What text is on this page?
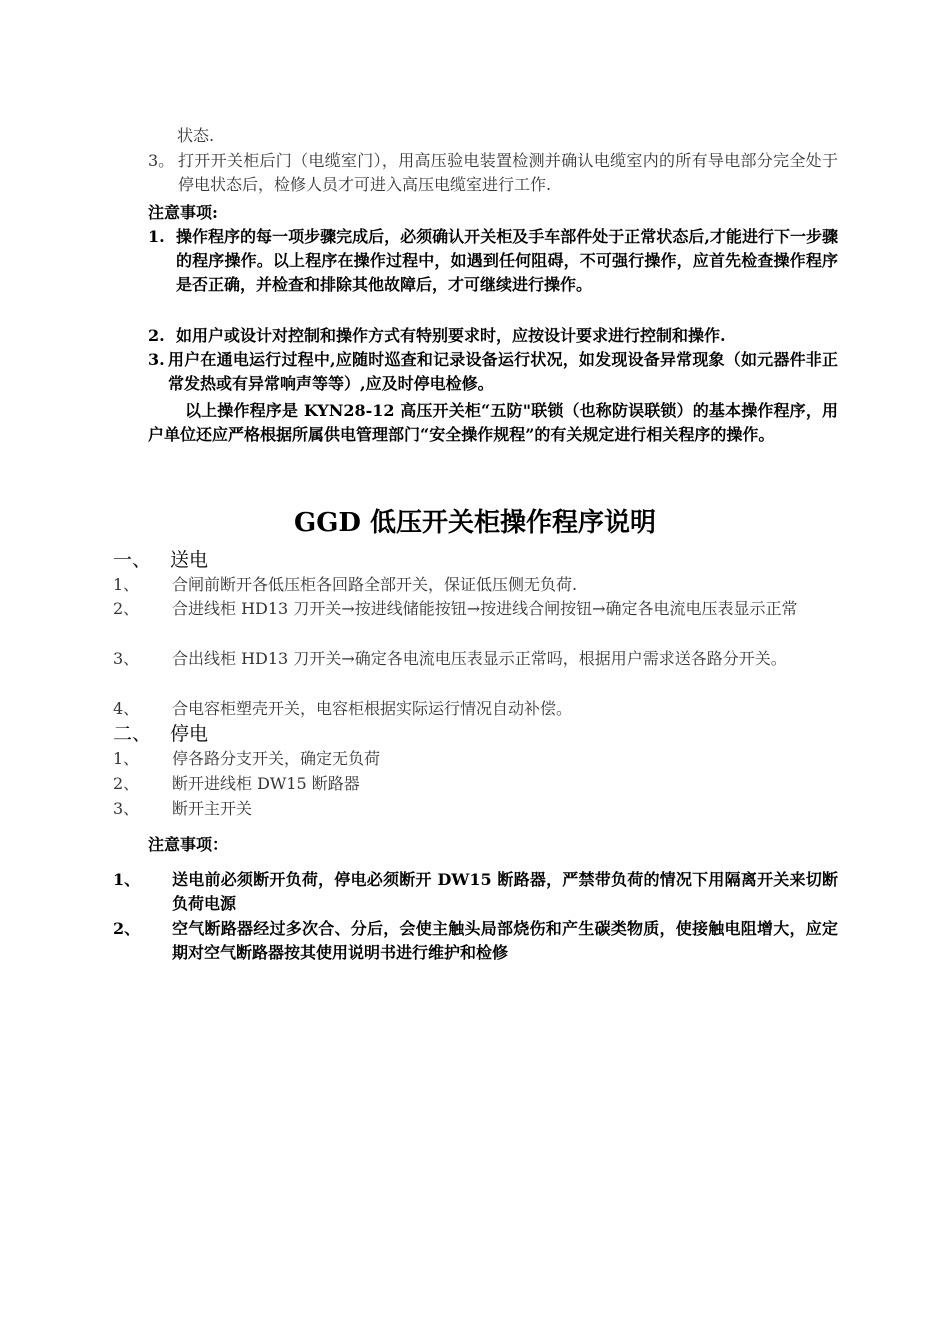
状态.
3。 打开开关柜后门（电缆室门），用高压验电装置检测并确认电缆室内的所有导电部分完全处于停电状态后，检修人员才可进入高压电缆室进行工作.
注意事项:
1. 操作程序的每一项步骤完成后，必须确认开关柜及手车部件处于正常状态后,才能进行下一步骤的程序操作。以上程序在操作过程中，如遇到任何阻碍，不可强行操作，应首先检查操作程序是否正确，并检查和排除其他故障后，才可继续进行操作。
2. 如用户或设计对控制和操作方式有特别要求时，应按设计要求进行控制和操作.
3. 用户在通电运行过程中,应随时巡查和记录设备运行状况，如发现设备异常现象（如元器件非正常发热或有异常响声等等）,应及时停电检修。
以上操作程序是 KYN28-12 高压开关柜“五防"联锁（也称防误联锁）的基本操作程序，用户单位还应严格根据所属供电管理部门“安全操作规程”的有关规定进行相关程序的操作。
GGD 低压开关柜操作程序说明
一、 送电
1、 合闸前断开各低压柜各回路全部开关，保证低压侧无负荷.
2、 合进线柜 HD13 刀开关→按进线储能按钮→按进线合闸按钮→确定各电流电压表显示正常
3、 合出线柜 HD13 刀开关→确定各电流电压表显示正常吗，根据用户需求送各路分开关。
4、 合电容柜塑壳开关，电容柜根据实际运行情况自动补偿。
二、 停电
1、 停各路分支开关，确定无负荷
2、 断开进线柜 DW15 断路器
3、 断开主开关
注意事项：
1、 送电前必须断开负荷，停电必须断开 DW15 断路器，严禁带负荷的情况下用隔离开关来切断负荷电源
2、 空气断路器经过多次合、分后，会使主触头局部烧伤和产生碳类物质，使接触电阻增大，应定期对空气断路器按其使用说明书进行维护和检修
